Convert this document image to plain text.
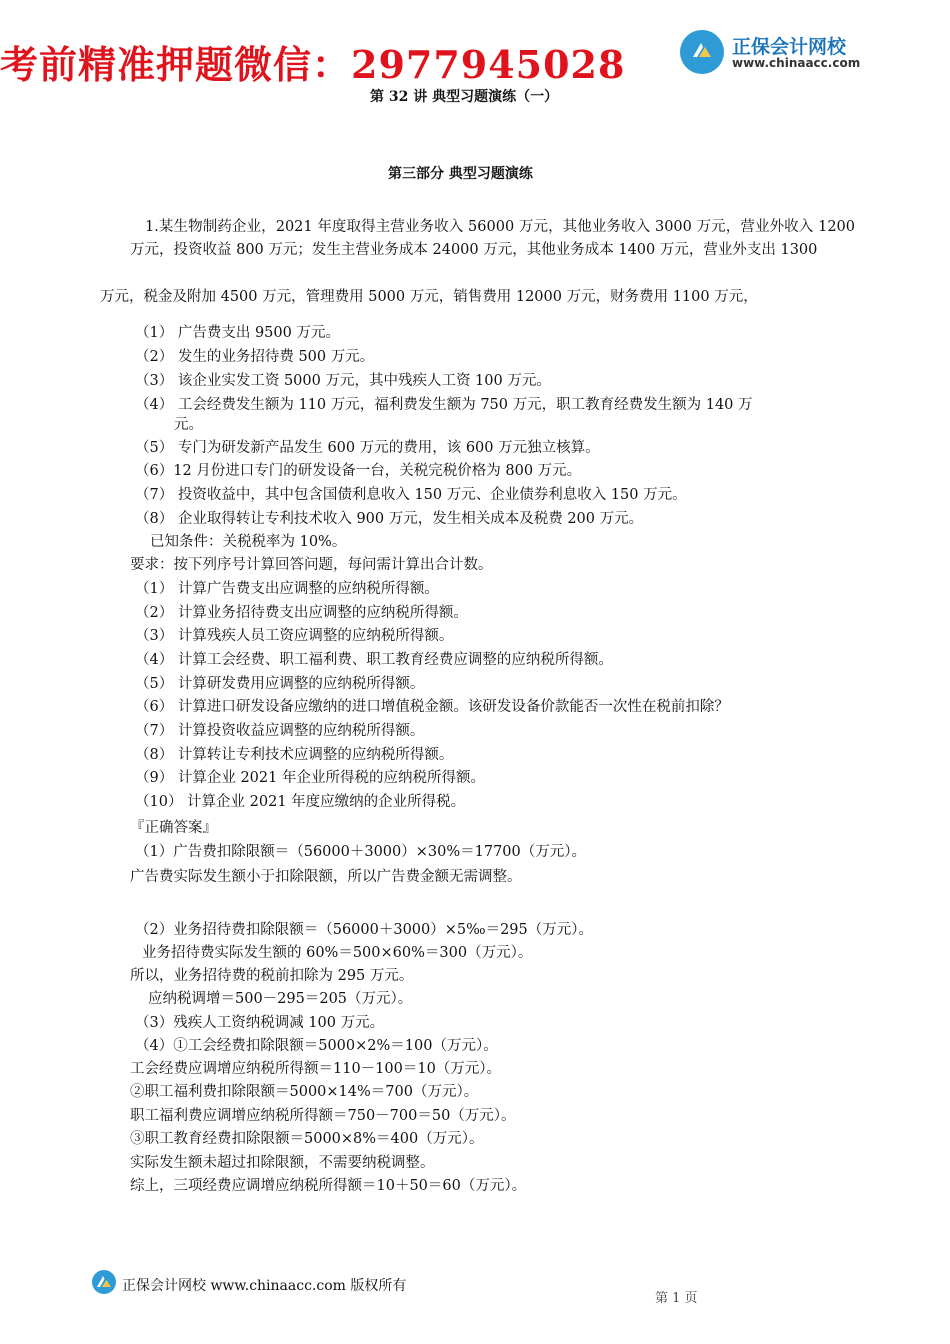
考前精准押题微信：2977945028	正保会计网校
www.chinaacc.com
第 32 讲 典型习题演练（一）
第三部分 典型习题演练
1.某生物制药企业，2021 年度取得主营业务收入 56000 万元，其他业务收入 3000 万元，营业外收入 1200 万元，投资收益 800 万元；发生主营业务成本 24000 万元，其他业务成本 1400 万元，营业外支出 1300
万元，税金及附加 4500 万元，管理费用 5000 万元，销售费用 12000 万元，财务费用 1100 万元，
（1） 广告费支出 9500 万元。
（2） 发生的业务招待费 500 万元。
（3） 该企业实发工资 5000 万元，其中残疾人工资 100 万元。
（4） 工会经费发生额为 110 万元，福利费发生额为 750 万元，职工教育经费发生额为 140 万
元。
（5） 专门为研发新产品发生 600 万元的费用，该 600 万元独立核算。
（6）12 月份进口专门的研发设备一台，关税完税价格为 800 万元。
（7） 投资收益中，其中包含国债利息收入 150 万元、企业债券利息收入 150 万元。
（8） 企业取得转让专利技术收入 900 万元，发生相关成本及税费 200 万元。
已知条件：关税税率为 10%。
要求：按下列序号计算回答问题，每问需计算出合计数。
（1） 计算广告费支出应调整的应纳税所得额。
（2） 计算业务招待费支出应调整的应纳税所得额。
（3） 计算残疾人员工资应调整的应纳税所得额。
（4） 计算工会经费、职工福利费、职工教育经费应调整的应纳税所得额。
（5） 计算研发费用应调整的应纳税所得额。
（6） 计算进口研发设备应缴纳的进口增值税金额。该研发设备价款能否一次性在税前扣除？
（7） 计算投资收益应调整的应纳税所得额。
（8） 计算转让专利技术应调整的应纳税所得额。
（9） 计算企业 2021 年企业所得税的应纳税所得额。
（10） 计算企业 2021 年度应缴纳的企业所得税。
『正确答案』
（1）广告费扣除限额＝（56000＋3000）×30%＝17700（万元）。
广告费实际发生额小于扣除限额，所以广告费金额无需调整。
（2）业务招待费扣除限额＝（56000＋3000）×5‰＝295（万元）。
业务招待费实际发生额的 60%＝500×60%＝300（万元）。
所以，业务招待费的税前扣除为 295 万元。
应纳税调增＝500－295＝205（万元）。
（3）残疾人工资纳税调减 100 万元。
（4）①工会经费扣除限额＝5000×2%＝100（万元）。
工会经费应调增应纳税所得额＝110－100＝10（万元）。
②职工福利费扣除限额＝5000×14%＝700（万元）。
职工福利费应调增应纳税所得额＝750－700＝50（万元）。
③职工教育经费扣除限额＝5000×8%＝400（万元）。
实际发生额未超过扣除限额，不需要纳税调整。
综上，三项经费应调增应纳税所得额＝10＋50＝60（万元）。
正保会计网校 www.chinaacc.com 版权所有
第 1 页
